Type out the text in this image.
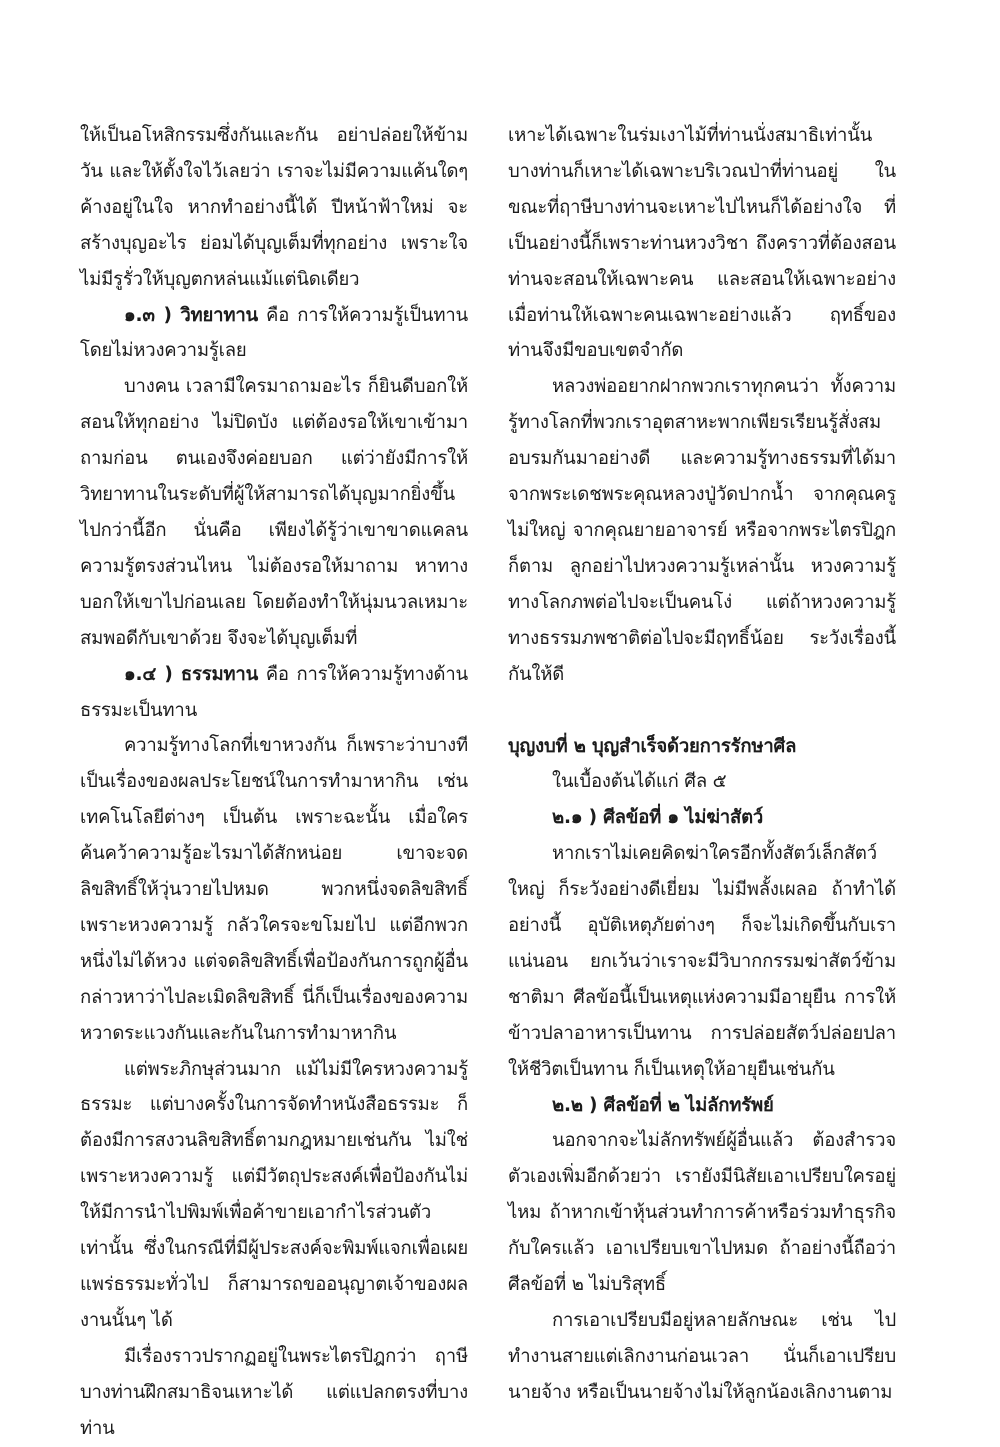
ให้เป็นอโหสิกรรมซึ่งกันและกัน อย่าปล่อยให้ข้ามวัน และให้ตั้งใจไว้เลยว่า เราจะไม่มีความแค้นใดๆ ค้างอยู่ในใจ หากทำอย่างนี้ได้ ปีหน้าฟ้าใหม่ จะสร้างบุญอะไร ย่อมได้บุญเต็มที่ทุกอย่าง เพราะใจไม่มีรูรั่วให้บุญตกหล่นแม้แต่นิดเดียว

๑.๓ ) วิทยาทาน คือ การให้ความรู้เป็นทานโดยไม่หวงความรู้เลย

บางคน เวลามีใครมาถามอะไร ก็ยินดีบอกให้ สอนให้ทุกอย่าง ไม่ปิดบัง แต่ต้องรอให้เขาเข้ามาถามก่อน ตนเองจึงค่อยบอก แต่ว่ายังมีการให้วิทยาทานในระดับที่ผู้ให้สามารถได้บุญมากยิ่งขึ้นไปกว่านี้อีก นั่นคือ เพียงได้รู้ว่าเขาขาดแคลนความรู้ตรงส่วนไหน ไม่ต้องรอให้มาถาม หาทางบอกให้เขาไปก่อนเลย โดยต้องทำให้นุ่มนวลเหมาะสมพอดีกับเขาด้วย จึงจะได้บุญเต็มที่

๑.๔ ) ธรรมทาน คือ การให้ความรู้ทางด้านธรรมะเป็นทาน

ความรู้ทางโลกที่เขาหวงกัน ก็เพราะว่าบางทีเป็นเรื่องของผลประโยชน์ในการทำมาหากิน เช่น เทคโนโลยีต่างๆ เป็นต้น เพราะฉะนั้น เมื่อใครค้นคว้าความรู้อะไรมาได้สักหน่อย เขาจะจดลิขสิทธิ์ให้วุ่นวายไปหมด พวกหนึ่งจดลิขสิทธิ์เพราะหวงความรู้ กลัวใครจะขโมยไป แต่อีกพวกหนึ่งไม่ได้หวง แต่จดลิขสิทธิ์เพื่อป้องกันการถูกผู้อื่นกล่าวหาว่าไปละเมิดลิขสิทธิ์ นี่ก็เป็นเรื่องของความหวาดระแวงกันและกันในการทำมาหากิน

แต่พระภิกษุส่วนมาก แม้ไม่มีใครหวงความรู้ธรรมะ แต่บางครั้งในการจัดทำหนังสือธรรมะ ก็ต้องมีการสงวนลิขสิทธิ์ตามกฎหมายเช่นกัน ไม่ใช่เพราะหวงความรู้ แต่มีวัตถุประสงค์เพื่อป้องกันไม่ให้มีการนำไปพิมพ์เพื่อค้าขายเอากำไรส่วนตัวเท่านั้น ซึ่งในกรณีที่มีผู้ประสงค์จะพิมพ์แจกเพื่อเผยแพร่ธรรมะทั่วไป ก็สามารถขออนุญาตเจ้าของผลงานนั้นๆ ได้

มีเรื่องราวปรากฏอยู่ในพระไตรปิฎกว่า ฤาษีบางท่านฝึกสมาธิจนเหาะได้ แต่แปลกตรงที่บางท่าน

เหาะได้เฉพาะในร่มเงาไม้ที่ท่านนั่งสมาธิเท่านั้น บางท่านก็เหาะได้เฉพาะบริเวณป่าที่ท่านอยู่ ในขณะที่ฤาษีบางท่านจะเหาะไปไหนก็ได้อย่างใจ ที่เป็นอย่างนี้ก็เพราะท่านหวงวิชา ถึงคราวที่ต้องสอน ท่านจะสอนให้เฉพาะคน และสอนให้เฉพาะอย่าง เมื่อท่านให้เฉพาะคนเฉพาะอย่างแล้ว ฤทธิ์ของท่านจึงมีขอบเขตจำกัด

หลวงพ่ออยากฝากพวกเราทุกคนว่า ทั้งความรู้ทางโลกที่พวกเราอุตสาหะพากเพียรเรียนรู้สั่งสมอบรมกันมาอย่างดี และความรู้ทางธรรมที่ได้มาจากพระเดชพระคุณหลวงปู่วัดปากน้ำ จากคุณครูไม่ใหญ่ จากคุณยายอาจารย์ หรือจากพระไตรปิฎกก็ตาม ลูกอย่าไปหวงความรู้เหล่านั้น หวงความรู้ทางโลกภพต่อไปจะเป็นคนโง่ แต่ถ้าหวงความรู้ทางธรรมภพชาติต่อไปจะมีฤทธิ์น้อย ระวังเรื่องนี้กันให้ดี

บุญงบที่ ๒ บุญสำเร็จด้วยการรักษาศีล

ในเบื้องต้นได้แก่ ศีล ๕

๒.๑ ) ศีลข้อที่ ๑ ไม่ฆ่าสัตว์

หากเราไม่เคยคิดฆ่าใครอีกทั้งสัตว์เล็กสัตว์ใหญ่ ก็ระวังอย่างดีเยี่ยม ไม่มีพลั้งเผลอ ถ้าทำได้อย่างนี้ อุบัติเหตุภัยต่างๆ ก็จะไม่เกิดขึ้นกับเราแน่นอน ยกเว้นว่าเราจะมีวิบากกรรมฆ่าสัตว์ข้ามชาติมา ศีลข้อนี้เป็นเหตุแห่งความมีอายุยืน การให้ข้าวปลาอาหารเป็นทาน การปล่อยสัตว์ปล่อยปลาให้ชีวิตเป็นทาน ก็เป็นเหตุให้อายุยืนเช่นกัน

๒.๒ ) ศีลข้อที่ ๒ ไม่ลักทรัพย์

นอกจากจะไม่ลักทรัพย์ผู้อื่นแล้ว ต้องสำรวจตัวเองเพิ่มอีกด้วยว่า เรายังมีนิสัยเอาเปรียบใครอยู่ไหม ถ้าหากเข้าหุ้นส่วนทำการค้าหรือร่วมทำธุรกิจกับใครแล้ว เอาเปรียบเขาไปหมด ถ้าอย่างนี้ถือว่าศีลข้อที่ ๒ ไม่บริสุทธิ์

การเอาเปรียบมีอยู่หลายลักษณะ เช่น ไปทำงานสายแต่เลิกงานก่อนเวลา นั่นก็เอาเปรียบนายจ้าง หรือเป็นนายจ้างไม่ให้ลูกน้องเลิกงานตาม
